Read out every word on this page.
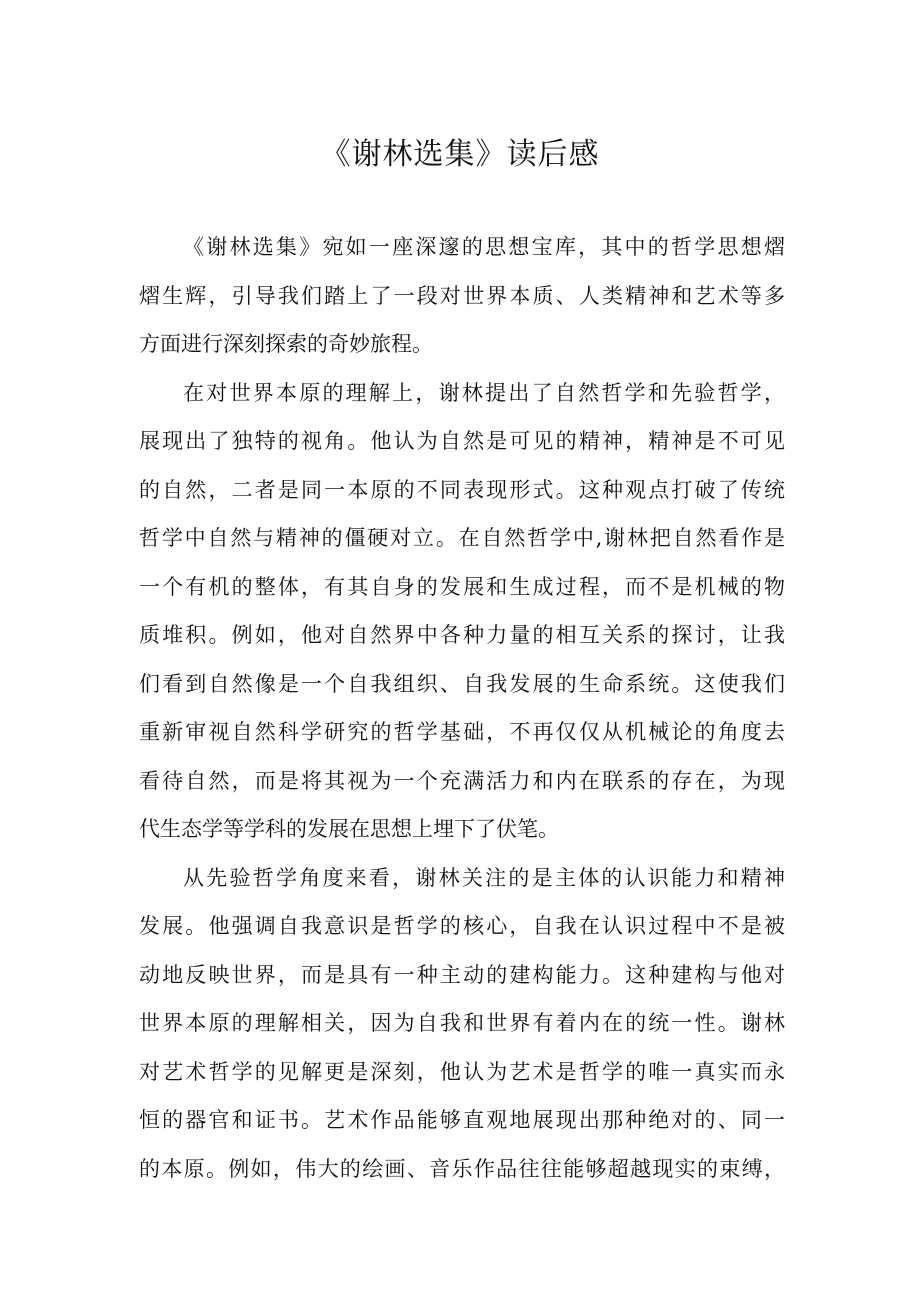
《谢林选集》读后感
《谢林选集》宛如一座深邃的思想宝库，其中的哲学思想熠
熠生辉，引导我们踏上了一段对世界本质、人类精神和艺术等多
方面进行深刻探索的奇妙旅程。
在对世界本原的理解上，谢林提出了自然哲学和先验哲学，
展现出了独特的视角。他认为自然是可见的精神，精神是不可见
的自然，二者是同一本原的不同表现形式。这种观点打破了传统
哲学中自然与精神的僵硬对立。在自然哲学中,谢林把自然看作是
一个有机的整体，有其自身的发展和生成过程，而不是机械的物
质堆积。例如，他对自然界中各种力量的相互关系的探讨，让我
们看到自然像是一个自我组织、自我发展的生命系统。这使我们
重新审视自然科学研究的哲学基础，不再仅仅从机械论的角度去
看待自然，而是将其视为一个充满活力和内在联系的存在，为现
代生态学等学科的发展在思想上埋下了伏笔。
从先验哲学角度来看，谢林关注的是主体的认识能力和精神
发展。他强调自我意识是哲学的核心，自我在认识过程中不是被
动地反映世界，而是具有一种主动的建构能力。这种建构与他对
世界本原的理解相关，因为自我和世界有着内在的统一性。谢林
对艺术哲学的见解更是深刻，他认为艺术是哲学的唯一真实而永
恒的器官和证书。艺术作品能够直观地展现出那种绝对的、同一
的本原。例如，伟大的绘画、音乐作品往往能够超越现实的束缚，
